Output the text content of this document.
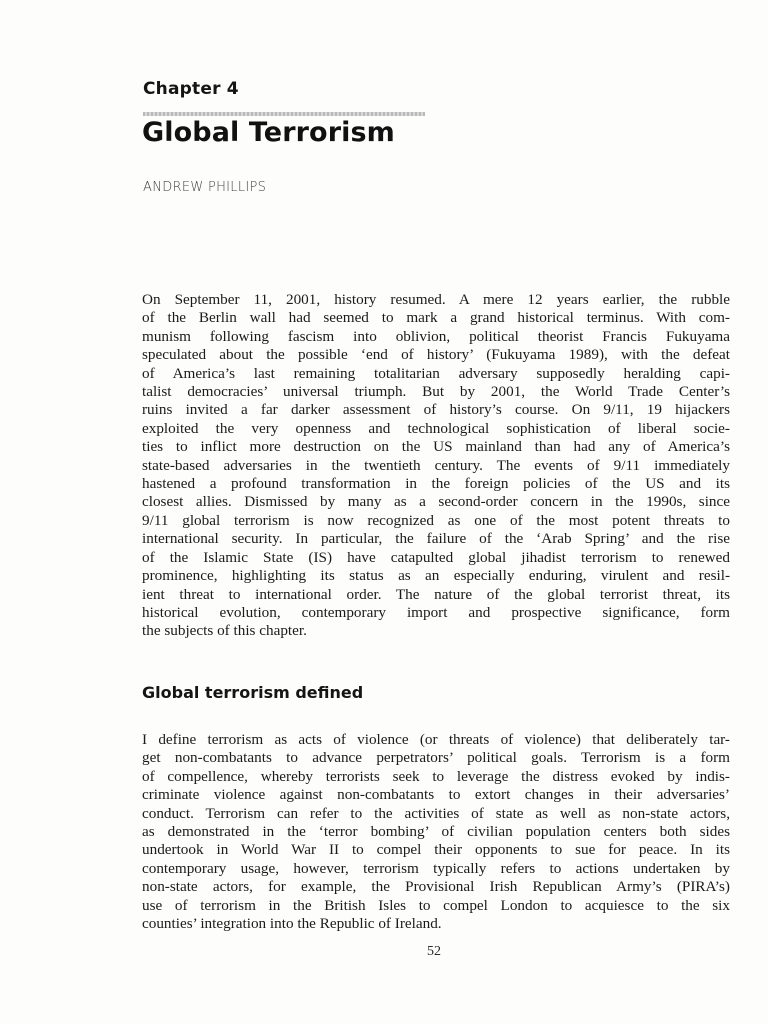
Chapter 4
Global Terrorism
ANDREW PHILLIPS
On September 11, 2001, history resumed. A mere 12 years earlier, the rubble
of the Berlin wall had seemed to mark a grand historical terminus. With com-
munism following fascism into oblivion, political theorist Francis Fukuyama
speculated about the possible ‘end of history’ (Fukuyama 1989), with the defeat
of America’s last remaining totalitarian adversary supposedly heralding capi-
talist democracies’ universal triumph. But by 2001, the World Trade Center’s
ruins invited a far darker assessment of history’s course. On 9/11, 19 hijackers
exploited the very openness and technological sophistication of liberal socie-
ties to inflict more destruction on the US mainland than had any of America’s
state-based adversaries in the twentieth century. The events of 9/11 immediately
hastened a profound transformation in the foreign policies of the US and its
closest allies. Dismissed by many as a second-order concern in the 1990s, since
9/11 global terrorism is now recognized as one of the most potent threats to
international security. In particular, the failure of the ‘Arab Spring’ and the rise
of the Islamic State (IS) have catapulted global jihadist terrorism to renewed
prominence, highlighting its status as an especially enduring, virulent and resil-
ient threat to international order. The nature of the global terrorist threat, its
historical evolution, contemporary import and prospective significance, form
the subjects of this chapter.
Global terrorism defined
I define terrorism as acts of violence (or threats of violence) that deliberately tar-
get non-combatants to advance perpetrators’ political goals. Terrorism is a form
of compellence, whereby terrorists seek to leverage the distress evoked by indis-
criminate violence against non-combatants to extort changes in their adversaries’
conduct. Terrorism can refer to the activities of state as well as non-state actors,
as demonstrated in the ‘terror bombing’ of civilian population centers both sides
undertook in World War II to compel their opponents to sue for peace. In its
contemporary usage, however, terrorism typically refers to actions undertaken by
non-state actors, for example, the Provisional Irish Republican Army’s (PIRA’s)
use of terrorism in the British Isles to compel London to acquiesce to the six
counties’ integration into the Republic of Ireland.
52
